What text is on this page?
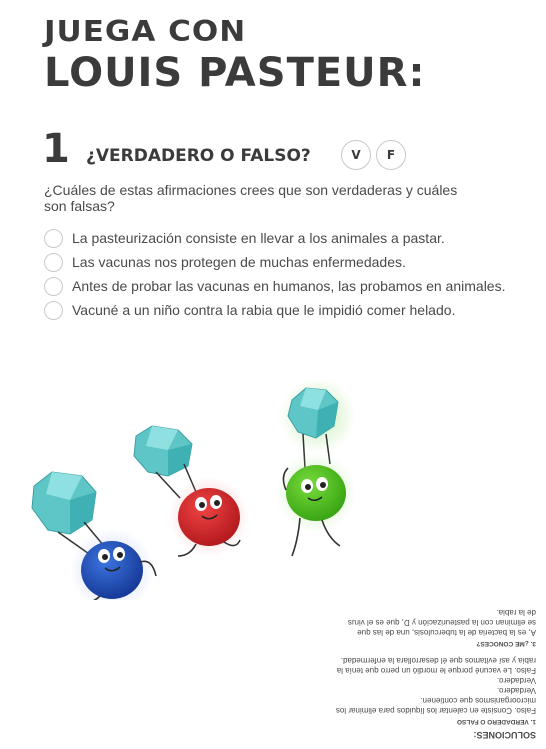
JUEGA CON
LOUIS PASTEUR:
1 ¿VERDADERO O FALSO?	V	F
¿Cuáles de estas afirmaciones crees que son verdaderas y cuáles
son falsas?
La pasteurización consiste en llevar a los animales a pastar.
Las vacunas nos protegen de muchas enfermedades.
Antes de probar las vacunas en humanos, las probamos en animales.
Vacuné a un niño contra la rabia que le impidió comer helado.
SOLUCIONES:
1. VERDADERO O FALSO
Falso. Consiste en calentar los líquidos para eliminar los
microorganismos que contienen.
Verdadero.
Verdadero.
Falso. Le vacuné porque le mordió un perro que tenía la
rabia y así evitamos que él desarrollara la enfermedad.
3. ¿ME CONOCES?
A, es la bacteria de la tuberculosis, una de las que
se eliminan con la pasteurización y D, que es el virus
de la rabia.
